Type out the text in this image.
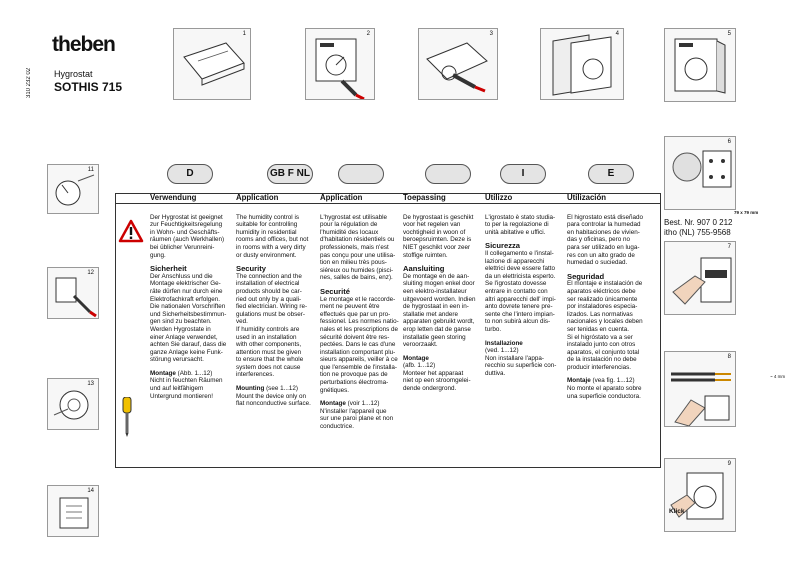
310 232 02
theben
Hygrostat
SOTHIS 715
1	2	3	4	5
6
79 x 79 mm
Best. Nr. 907 0 212
itho (NL) 755-9568
7
8
~ 4 mm
9
Klick
11
12
13
14
D	GB F NL	I	E
Verwendung

Der Hygrostat ist geeignet
zur Feuchtigkeitsregelung
in Wohn- und Geschäfts-
räumen (auch Werkhallen)
bei üblicher Verunreini-
gung.

Sicherheit

Der Anschluss und die
Montage elektrischer Ge-
räte dürfen nur durch eine
Elektrofachkraft erfolgen.
Die nationalen Vorschriften
und Sicherheitsbestimmun-
gen sind zu beachten.
Werden Hygrostate in
einer Anlage verwendet,
achten Sie darauf, dass die
ganze Anlage keine Funk-
störung verursacht.

Montage (Abb. 1...12)

Nicht in feuchten Räumen
und auf leitfähigem
Untergrund montieren!

Application

The humidity control is
suitable for controlling
humidity in residential
rooms and offices, but not
in rooms with a very dirty
or dusty environment.

Security

The connection and the
installation of electrical
products should be car-
ried out only by a quali-
fied electrician. Wiring re-
gulations must be obser-
ved.
If humidity controls are
used in an installation
with other components,
attention must be given
to ensure that the whole
system does not cause
interferences.

Mounting (see 1...12)

Mount the device only on
flat nonconductive surface.

Application

L'hygrostat est utilisable
pour la régulation de
l'humidité des locaux
d'habitation résidentiels ou
professionels, mais n'est
pas conçu pour une utilisa-
tion en milieu très pous-
siéreux ou humides (pisci-
nes, salles de bains, enz).

Securité

Le montage et le raccorde-
ment ne peuvent être
effectués que par un pro-
fessionel. Les normes natio-
nales et les prescriptions de
sécurité doivent être res-
pectées. Dans le cas d'une
installation comportant plu-
sieurs appareils, veiller à ce
que l'ensemble de l'installa-
tion ne provoque pas de
perturbations électroma-
gnétiques.

Montage (voir 1...12)

N'installer l'appareil que
sur une paroi plane et non
conductrice.

Toepassing

De hygrostaat is geschikt
voor het regelen van
vochtigheid in woon of
beroepsruimten. Deze is
NIET geschikt voor zeer
stoffige ruimten.

Aansluiting

De montage en de aan-
sluiting mogen enkel door
een elektro-installateur
uitgevoerd worden. Indien
de hygrostaat in een in-
stallatie met andere
apparaten gebruikt wordt,
erop letten dat de ganse
installatie geen storing
veroorzaakt.

Montage
(afb. 1...12)

Monteer het apparaat
niet op een stroomgelei-
dende ondergrond.

Utilizzo

L'igrostato è stato studia-
to per la regolazione di
unità abitative e uffici.

Sicurezza

Il collegamento e l'instal-
lazione di apparecchi
elettrici deve essere fatto
da un elettricista esperto.
Se l'igrostato dovesse
entrare in contatto con
altri apparecchi dell' impi-
anto dovrete tenere pre-
sente che l'intero impian-
to non subirà alcun dis-
turbo.

Installazione
(ved. 1...12)

Non installare l'appa-
recchio su superficie con-
duttiva.

Utilización

El higrostato está diseñado
para controlar la humedad
en habitaciones de vivien-
das y oficinas, pero no
para ser utilizado en luga-
res con un alto grado de
humedad o suciedad.

Seguridad

El montaje e instalación de
aparatos eléctricos debe
ser realizado únicamente
por instaladores especia-
lizados. Las normativas
nacionales y locales deben
ser tenidas en cuenta.
Si el higróstato va a ser
instalado junto con otros
aparatos, el conjunto total
de la instalación no debe
producir interferencias.

Montaje (vea fig. 1...12)

No monte el aparato sobre
una superficie conductora.
